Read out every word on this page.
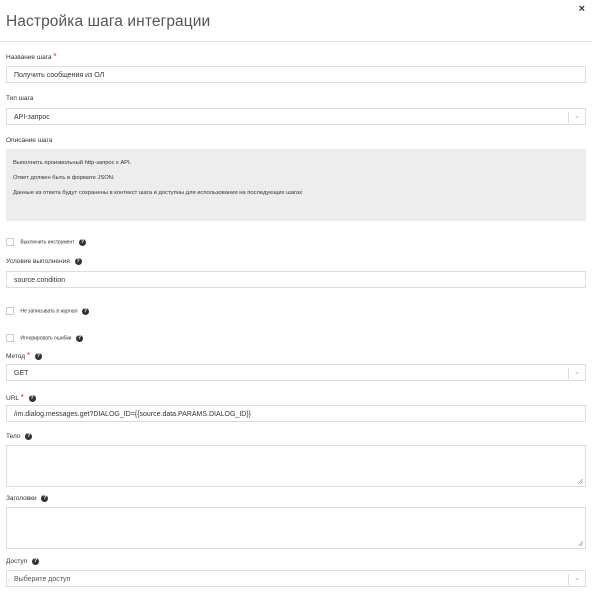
Настройка шага интеграции
×
Название шага *
Получить сообщения из ОЛ
Тип шага
API-запрос	⌄
Описание шага
Выполнить произвольный http-запрос к API.
Ответ должен быть в формате JSON.
Данные из ответа будут сохранены в контекст шага и доступны для использования на последующих шагах
Выключить инструмент ?
Условие выполнения ?
source.condition
Не записывать в журнал ?
Игнорировать ошибки ?
Метод * ?
GET	⌄
URL * ?
/im.dialog.messages.get?DIALOG_ID={{source.data.PARAMS.DIALOG_ID}}
Тело ?
Заголовки ?
Доступ ?
Выберите доступ	⌄
